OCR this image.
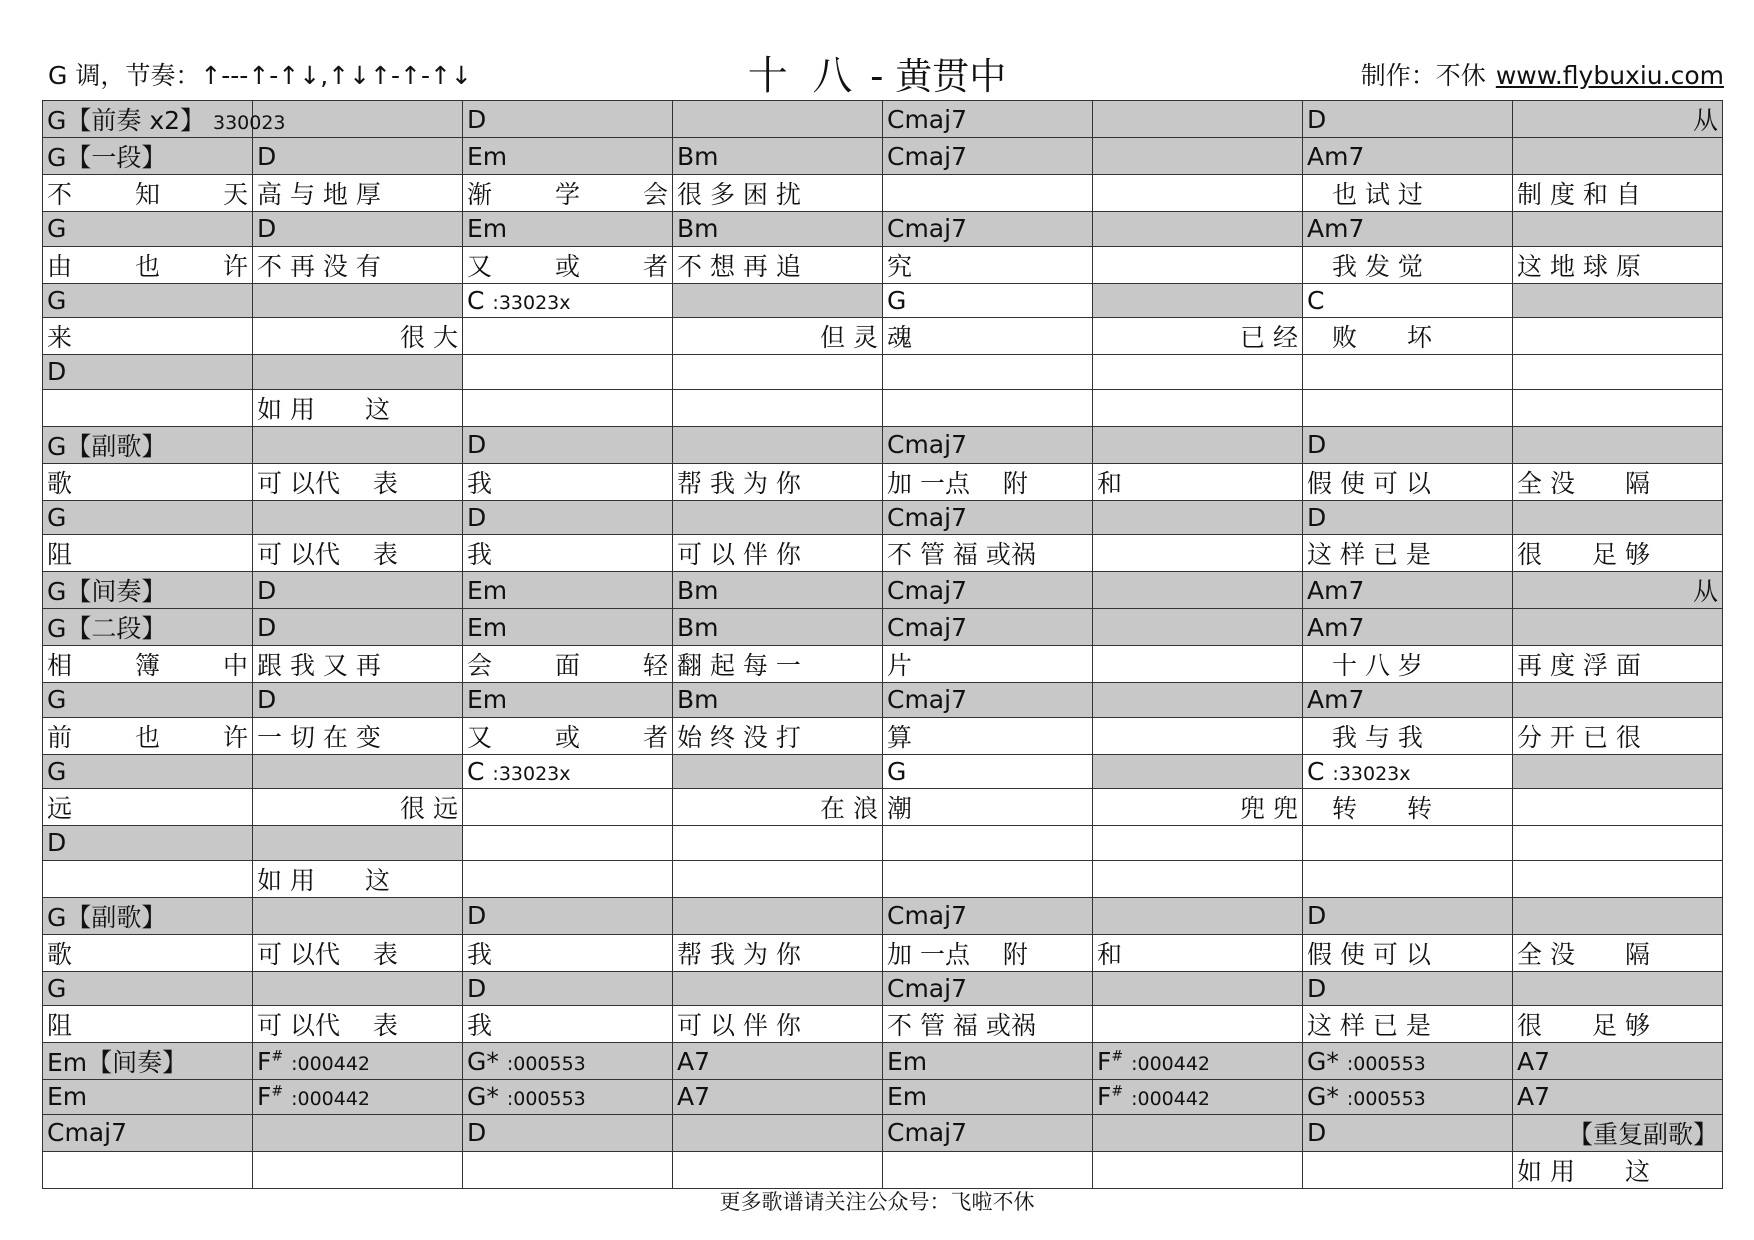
G 调，节奏：↑---↑-↑↓,↑↓↑-↑-↑↓	十 八 - 黄贯中	制作：不休 www.flybuxiu.com
G【前奏 x2】 330023		D		Cmaj7		D	从
G【一段】	D	Em	Bm	Cmaj7		Am7	

不 知 天	高 与 地 厚	渐 学 会	很 多 困 扰			　也 试 过	制 度 和 自
G	D	Em	Bm	Cmaj7		Am7	

由 也 许	不 再 没 有	又 或 者	不 想 再 追	究		　我 发 觉	这 地 球 原
G		C :33023x		G		C	
来	很 大		但 灵	魂	已 经	　败　　坏	
D							
	如 用　　这						
G【副歌】		D		Cmaj7		D	
歌	可 以代　 表	我	帮 我 为 你	加 一点　 附	和	假 使 可 以	全 没　　隔
G		D		Cmaj7		D	
阻	可 以代　 表	我	可 以 伴 你	不 管 福 或祸		这 样 已 是	很　　足 够
G【间奏】	D	Em	Bm	Cmaj7		Am7	从
G【二段】	D	Em	Bm	Cmaj7		Am7	

相 簿 中	跟 我 又 再	会 面 轻	翻 起 每 一	片		　十 八 岁	再 度 浮 面
G	D	Em	Bm	Cmaj7		Am7	

前 也 许	一 切 在 变	又 或 者	始 终 没 打	算		　我 与 我	分 开 已 很
G		C :33023x		G		C :33023x	
远	很 远		在 浪	潮	兜 兜	　转　　转	
D							
	如 用　　这						
G【副歌】		D		Cmaj7		D	
歌	可 以代　 表	我	帮 我 为 你	加 一点　 附	和	假 使 可 以	全 没　　隔
G		D		Cmaj7		D	
阻	可 以代　 表	我	可 以 伴 你	不 管 福 或祸		这 样 已 是	很　　足 够
Em【间奏】	F# :000442	G* :000553	A7	Em	F# :000442	G* :000553	A7
Em	F# :000442	G* :000553	A7	Em	F# :000442	G* :000553	A7
Cmaj7		D		Cmaj7		D	【重复副歌】
							如 用　　这
更多歌谱请关注公众号：飞啦不休
